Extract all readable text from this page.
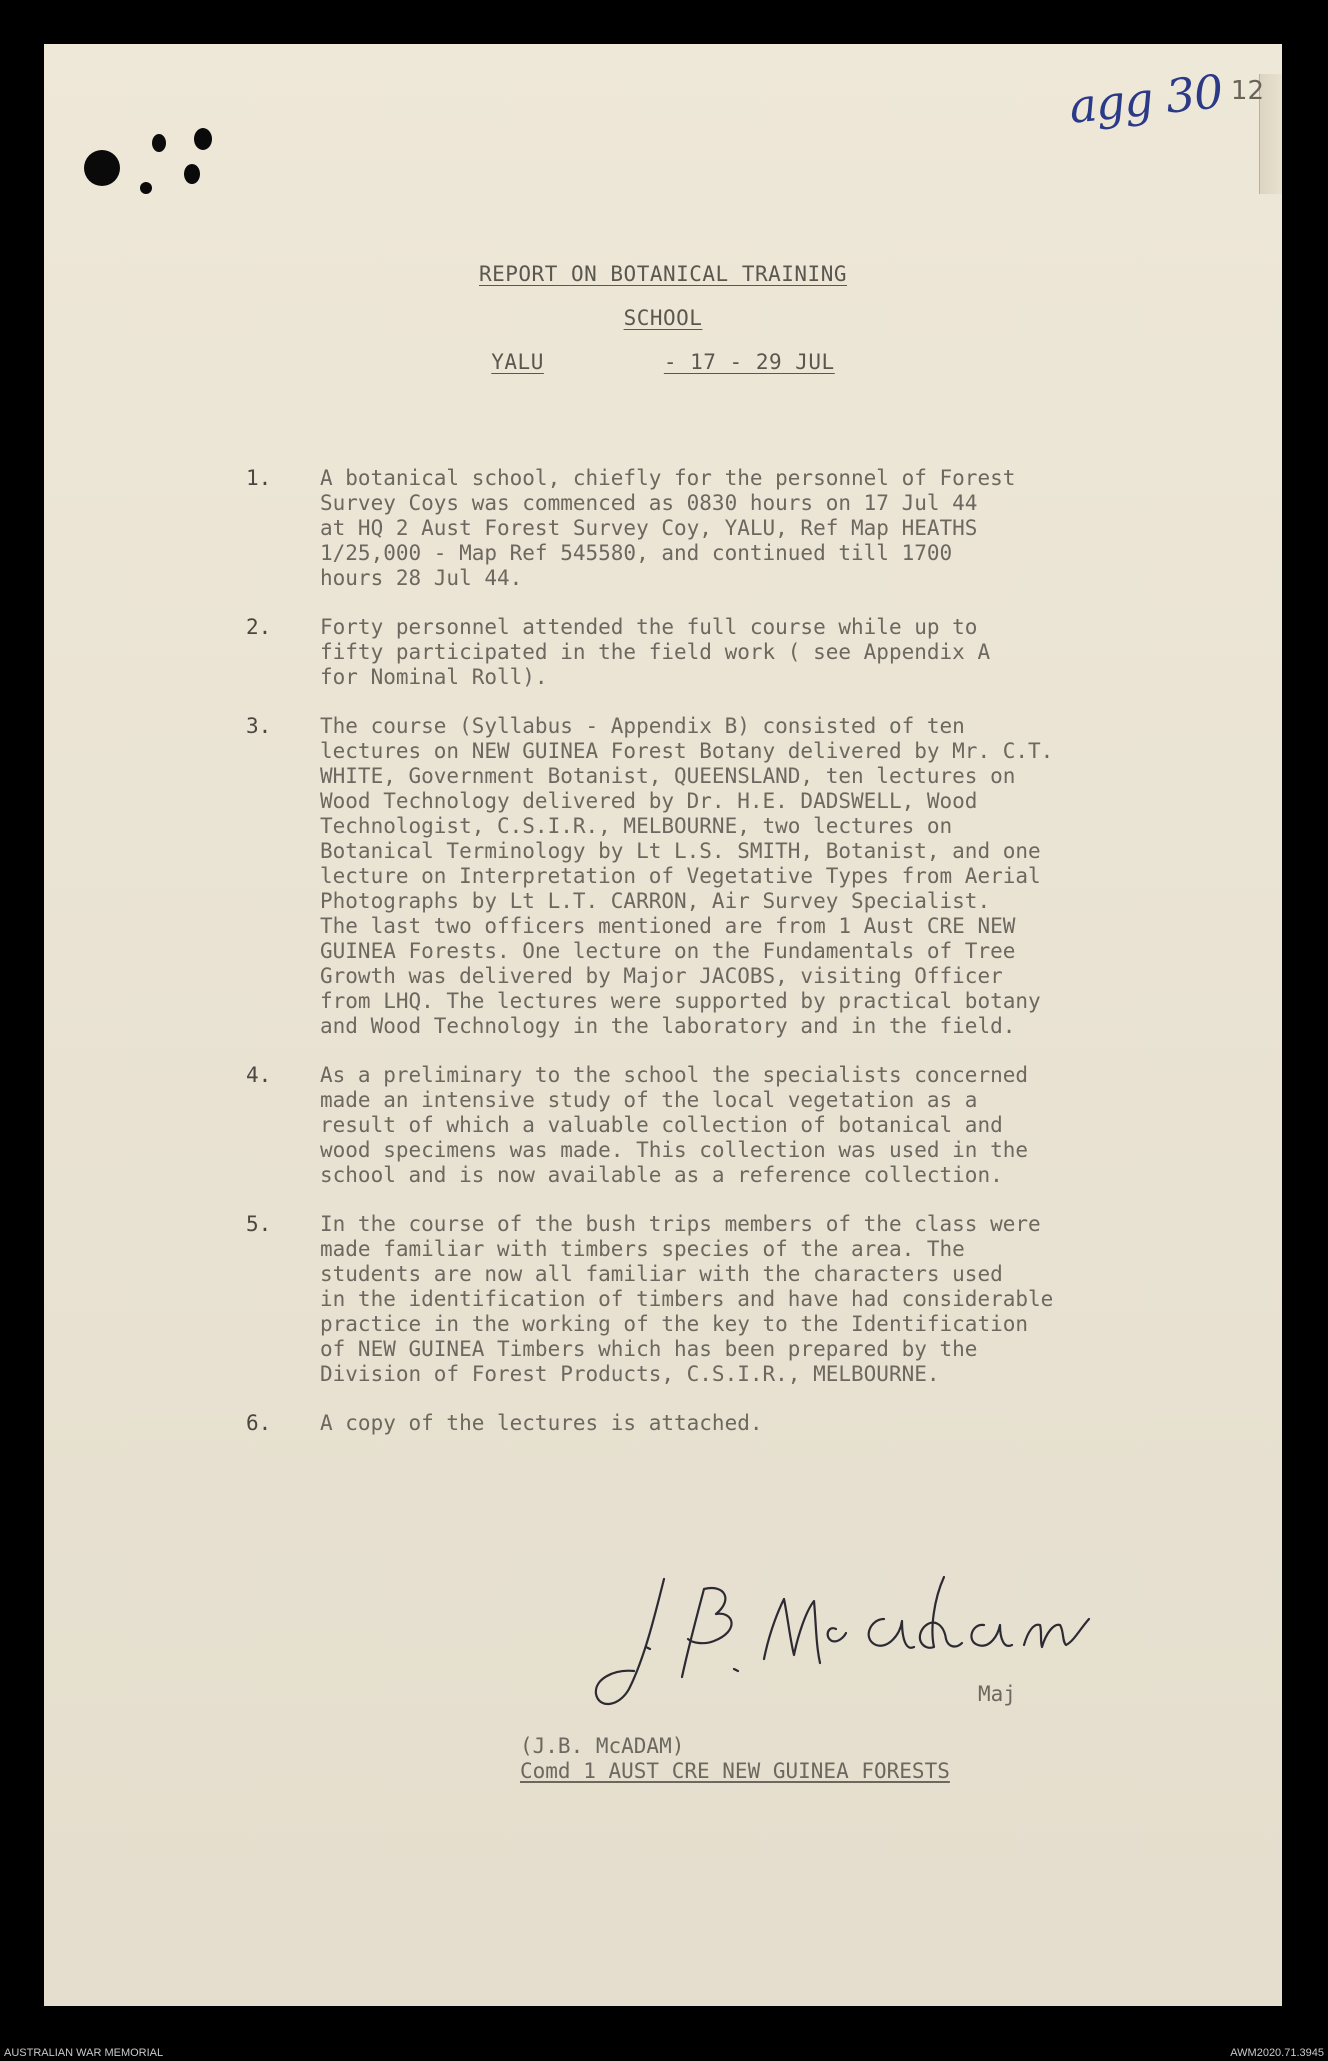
agg 30 12
REPORT ON BOTANICAL TRAINING
SCHOOL
YALU	- 17 - 29 JUL
1.	A botanical school, chiefly for the personnel of Forest
Survey Coys was commenced as 0830 hours on 17 Jul 44
at HQ 2 Aust Forest Survey Coy, YALU, Ref Map HEATHS
1/25,000 - Map Ref 545580, and continued till 1700
hours 28 Jul 44.
2.	Forty personnel attended the full course while up to
fifty participated in the field work ( see Appendix A
for Nominal Roll).
3.	The course (Syllabus - Appendix B) consisted of ten
lectures on NEW GUINEA Forest Botany delivered by Mr. C.T.
WHITE, Government Botanist, QUEENSLAND, ten lectures on
Wood Technology delivered by Dr. H.E. DADSWELL, Wood
Technologist, C.S.I.R., MELBOURNE, two lectures on
Botanical Terminology by Lt L.S. SMITH, Botanist, and one
lecture on Interpretation of Vegetative Types from Aerial
Photographs by Lt L.T. CARRON, Air Survey Specialist.
The last two officers mentioned are from 1 Aust CRE NEW
GUINEA Forests. One lecture on the Fundamentals of Tree
Growth was delivered by Major JACOBS, visiting Officer
from LHQ. The lectures were supported by practical botany
and Wood Technology in the laboratory and in the field.
4.	As a preliminary to the school the specialists concerned
made an intensive study of the local vegetation as a
result of which a valuable collection of botanical and
wood specimens was made. This collection was used in the
school and is now available as a reference collection.
5.	In the course of the bush trips members of the class were
made familiar with timbers species of the area. The
students are now all familiar with the characters used
in the identification of timbers and have had considerable
practice in the working of the key to the Identification
of NEW GUINEA Timbers which has been prepared by the
Division of Forest Products, C.S.I.R., MELBOURNE.
6.	A copy of the lectures is attached.
Maj
(J.B. McADAM)
Comd 1 AUST CRE NEW GUINEA FORESTS
AUSTRALIAN WAR MEMORIAL	AWM2020.71.3945
